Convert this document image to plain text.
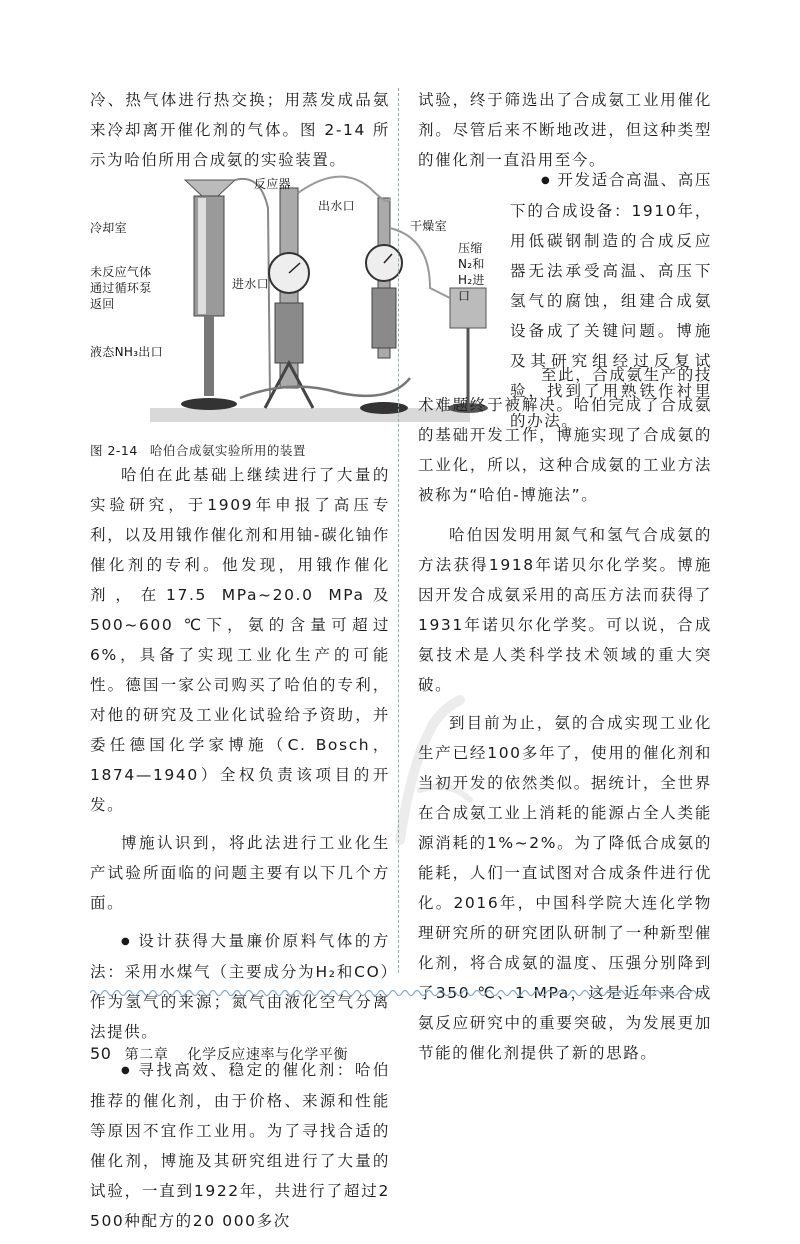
冷、热气体进行热交换；用蒸发成品氨来冷却离开催化剂的气体。图 2-14 所示为哈伯所用合成氨的实验装置。

冷却室
未反应气体通过循环泵返回
液态NH₃出口
反应器
出水口
进水口
干燥室
压缩N₂和H₂进口
图 2-14 哈伯合成氨实验所用的装置

哈伯在此基础上继续进行了大量的实验研究，于1909年申报了高压专利，以及用锇作催化剂和用铀-碳化铀作催化剂的专利。他发现，用锇作催化剂，在17.5 MPa~20.0 MPa及500~600 ℃下，氨的含量可超过6%，具备了实现工业化生产的可能性。德国一家公司购买了哈伯的专利，对他的研究及工业化试验给予资助，并委任德国化学家博施（C. Bosch，1874—1940）全权负责该项目的开发。

博施认识到，将此法进行工业化生产试验所面临的问题主要有以下几个方面。

● 设计获得大量廉价原料气体的方法：采用水煤气（主要成分为H₂和CO）作为氢气的来源；氮气由液化空气分离法提供。

● 寻找高效、稳定的催化剂：哈伯推荐的催化剂，由于价格、来源和性能等原因不宜作工业用。为了寻找合适的催化剂，博施及其研究组进行了大量的试验，一直到1922年，共进行了超过2 500种配方的20 000多次

试验，终于筛选出了合成氨工业用催化剂。尽管后来不断地改进，但这种类型的催化剂一直沿用至今。

● 开发适合高温、高压下的合成设备：1910年，用低碳钢制造的合成反应器无法承受高温、高压下氢气的腐蚀，组建合成氨设备成了关键问题。博施及其研究组经过反复试验，找到了用熟铁作衬里的办法。

至此，合成氨生产的技术难题终于被解决。哈伯完成了合成氨的基础开发工作，博施实现了合成氨的工业化，所以，这种合成氨的工业方法被称为“哈伯-博施法”。

哈伯因发明用氮气和氢气合成氨的方法获得1918年诺贝尔化学奖。博施因开发合成氨采用的高压方法而获得了1931年诺贝尔化学奖。可以说，合成氨技术是人类科学技术领域的重大突破。

到目前为止，氨的合成实现工业化生产已经100多年了，使用的催化剂和当初开发的依然类似。据统计，全世界在合成氨工业上消耗的能源占全人类能源消耗的1%~2%。为了降低合成氨的能耗，人们一直试图对合成条件进行优化。2016年，中国科学院大连化学物理研究所的研究团队研制了一种新型催化剂，将合成氨的温度、压强分别降到了350 ℃、1 MPa，这是近年来合成氨反应研究中的重要突破，为发展更加节能的催化剂提供了新的思路。

50 第二章 化学反应速率与化学平衡
